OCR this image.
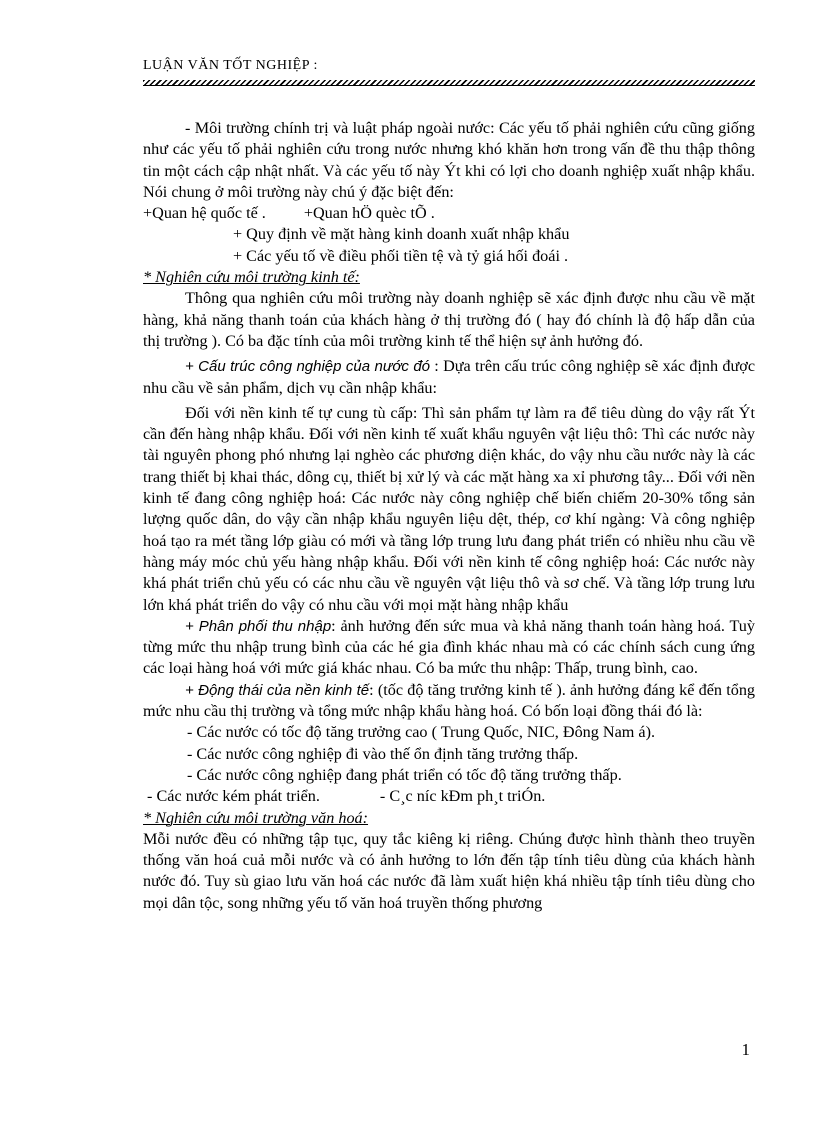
LUẬN VĂN TỐT NGHIỆP :

- Môi trường chính trị và luật pháp ngoài nước: Các yếu tố phải nghiên cứu cũng giống như các yếu tố phải nghiên cứu trong nước nhưng khó khăn hơn trong vấn đề thu thập thông tin một cách cập nhật nhất. Và các yếu tố này Ýt khi có lợi cho doanh nghiệp xuất nhập khẩu. Nói chung ở môi trường này chú ý đặc biệt đến:

+Quan hệ quốc tế . +Quan hÖ quèc tÕ .

+ Quy định về mặt hàng kinh doanh xuất nhập khẩu

+ Các yếu tố về điều phối tiền tệ và tỷ giá hối đoái .

* Nghiên cứu môi trường kinh tế:

Thông qua nghiên cứu môi trường này doanh nghiệp sẽ xác định được nhu cầu về mặt hàng, khả năng thanh toán của khách hàng ở thị trường đó ( hay đó chính là độ hấp dẫn của thị trường ). Có ba đặc tính của môi trường kinh tế thể hiện sự ảnh hưởng đó.

+ Cấu trúc công nghiệp của nước đó : Dựa trên cấu trúc công nghiệp sẽ xác định được nhu cầu về sản phẩm, dịch vụ cần nhập khẩu:

Đối với nền kinh tế tự cung tù cấp: Thì sản phẩm tự làm ra để tiêu dùng do vậy rất Ýt cần đến hàng nhập khẩu. Đối với nền kinh tế xuất khẩu nguyên vật liệu thô: Thì các nước này tài nguyên phong phó nhưng lại nghèo các phương diện khác, do vậy nhu cầu nước này là các trang thiết bị khai thác, dông cụ, thiết bị xử lý và các mặt hàng xa xỉ phương tây... Đối với nền kinh tế đang công nghiệp hoá: Các nước này công nghiệp chế biến chiếm 20-30% tổng sản lượng quốc dân, do vậy cần nhập khẩu nguyên liệu dệt, thép, cơ khí ngàng: Và công nghiệp hoá tạo ra mét tầng lớp giàu có mới và tầng lớp trung lưu đang phát triển có nhiều nhu cầu về hàng máy móc chủ yếu hàng nhập khẩu. Đối với nền kinh tế công nghiệp hoá: Các nước này khá phát triển chủ yếu có các nhu cầu về nguyên vật liệu thô và sơ chế. Và tầng lớp trung lưu lớn khá phát triển do vậy có nhu cầu với mọi mặt hàng nhập khẩu

+ Phân phối thu nhập: ảnh hưởng đến sức mua và khả năng thanh toán hàng hoá. Tuỳ từng mức thu nhập trung bình của các hé gia đình khác nhau mà có các chính sách cung ứng các loại hàng hoá với mức giá khác nhau. Có ba mức thu nhập: Thấp, trung bình, cao.

+ Động thái của nền kinh tế: (tốc độ tăng trưởng kinh tế ). ảnh hưởng đáng kể đến tổng mức nhu cầu thị trường và tổng mức nhập khẩu hàng hoá. Có bốn loại đồng thái đó là:

- Các nước có tốc độ tăng trưởng cao ( Trung Quốc, NIC, Đông Nam á).

- Các nước công nghiệp đi vào thế ổn định tăng trưởng thấp.

- Các nước công nghiệp đang phát triển có tốc độ tăng trưởng thấp.

- Các nước kém phát triển.	- C¸c níc kÐm ph¸t triÓn.

* Nghiên cứu môi trường văn hoá:

Mỗi nước đều có những tập tục, quy tắc kiêng kị riêng. Chúng được hình thành theo truyền thống văn hoá cuả mỗi nước và có ảnh hưởng to lớn đến tập tính tiêu dùng của khách hành nước đó. Tuy sù giao lưu văn hoá các nước đã làm xuất hiện khá nhiều tập tính tiêu dùng cho mọi dân tộc, song những yếu tố văn hoá truyền thống phương

1
